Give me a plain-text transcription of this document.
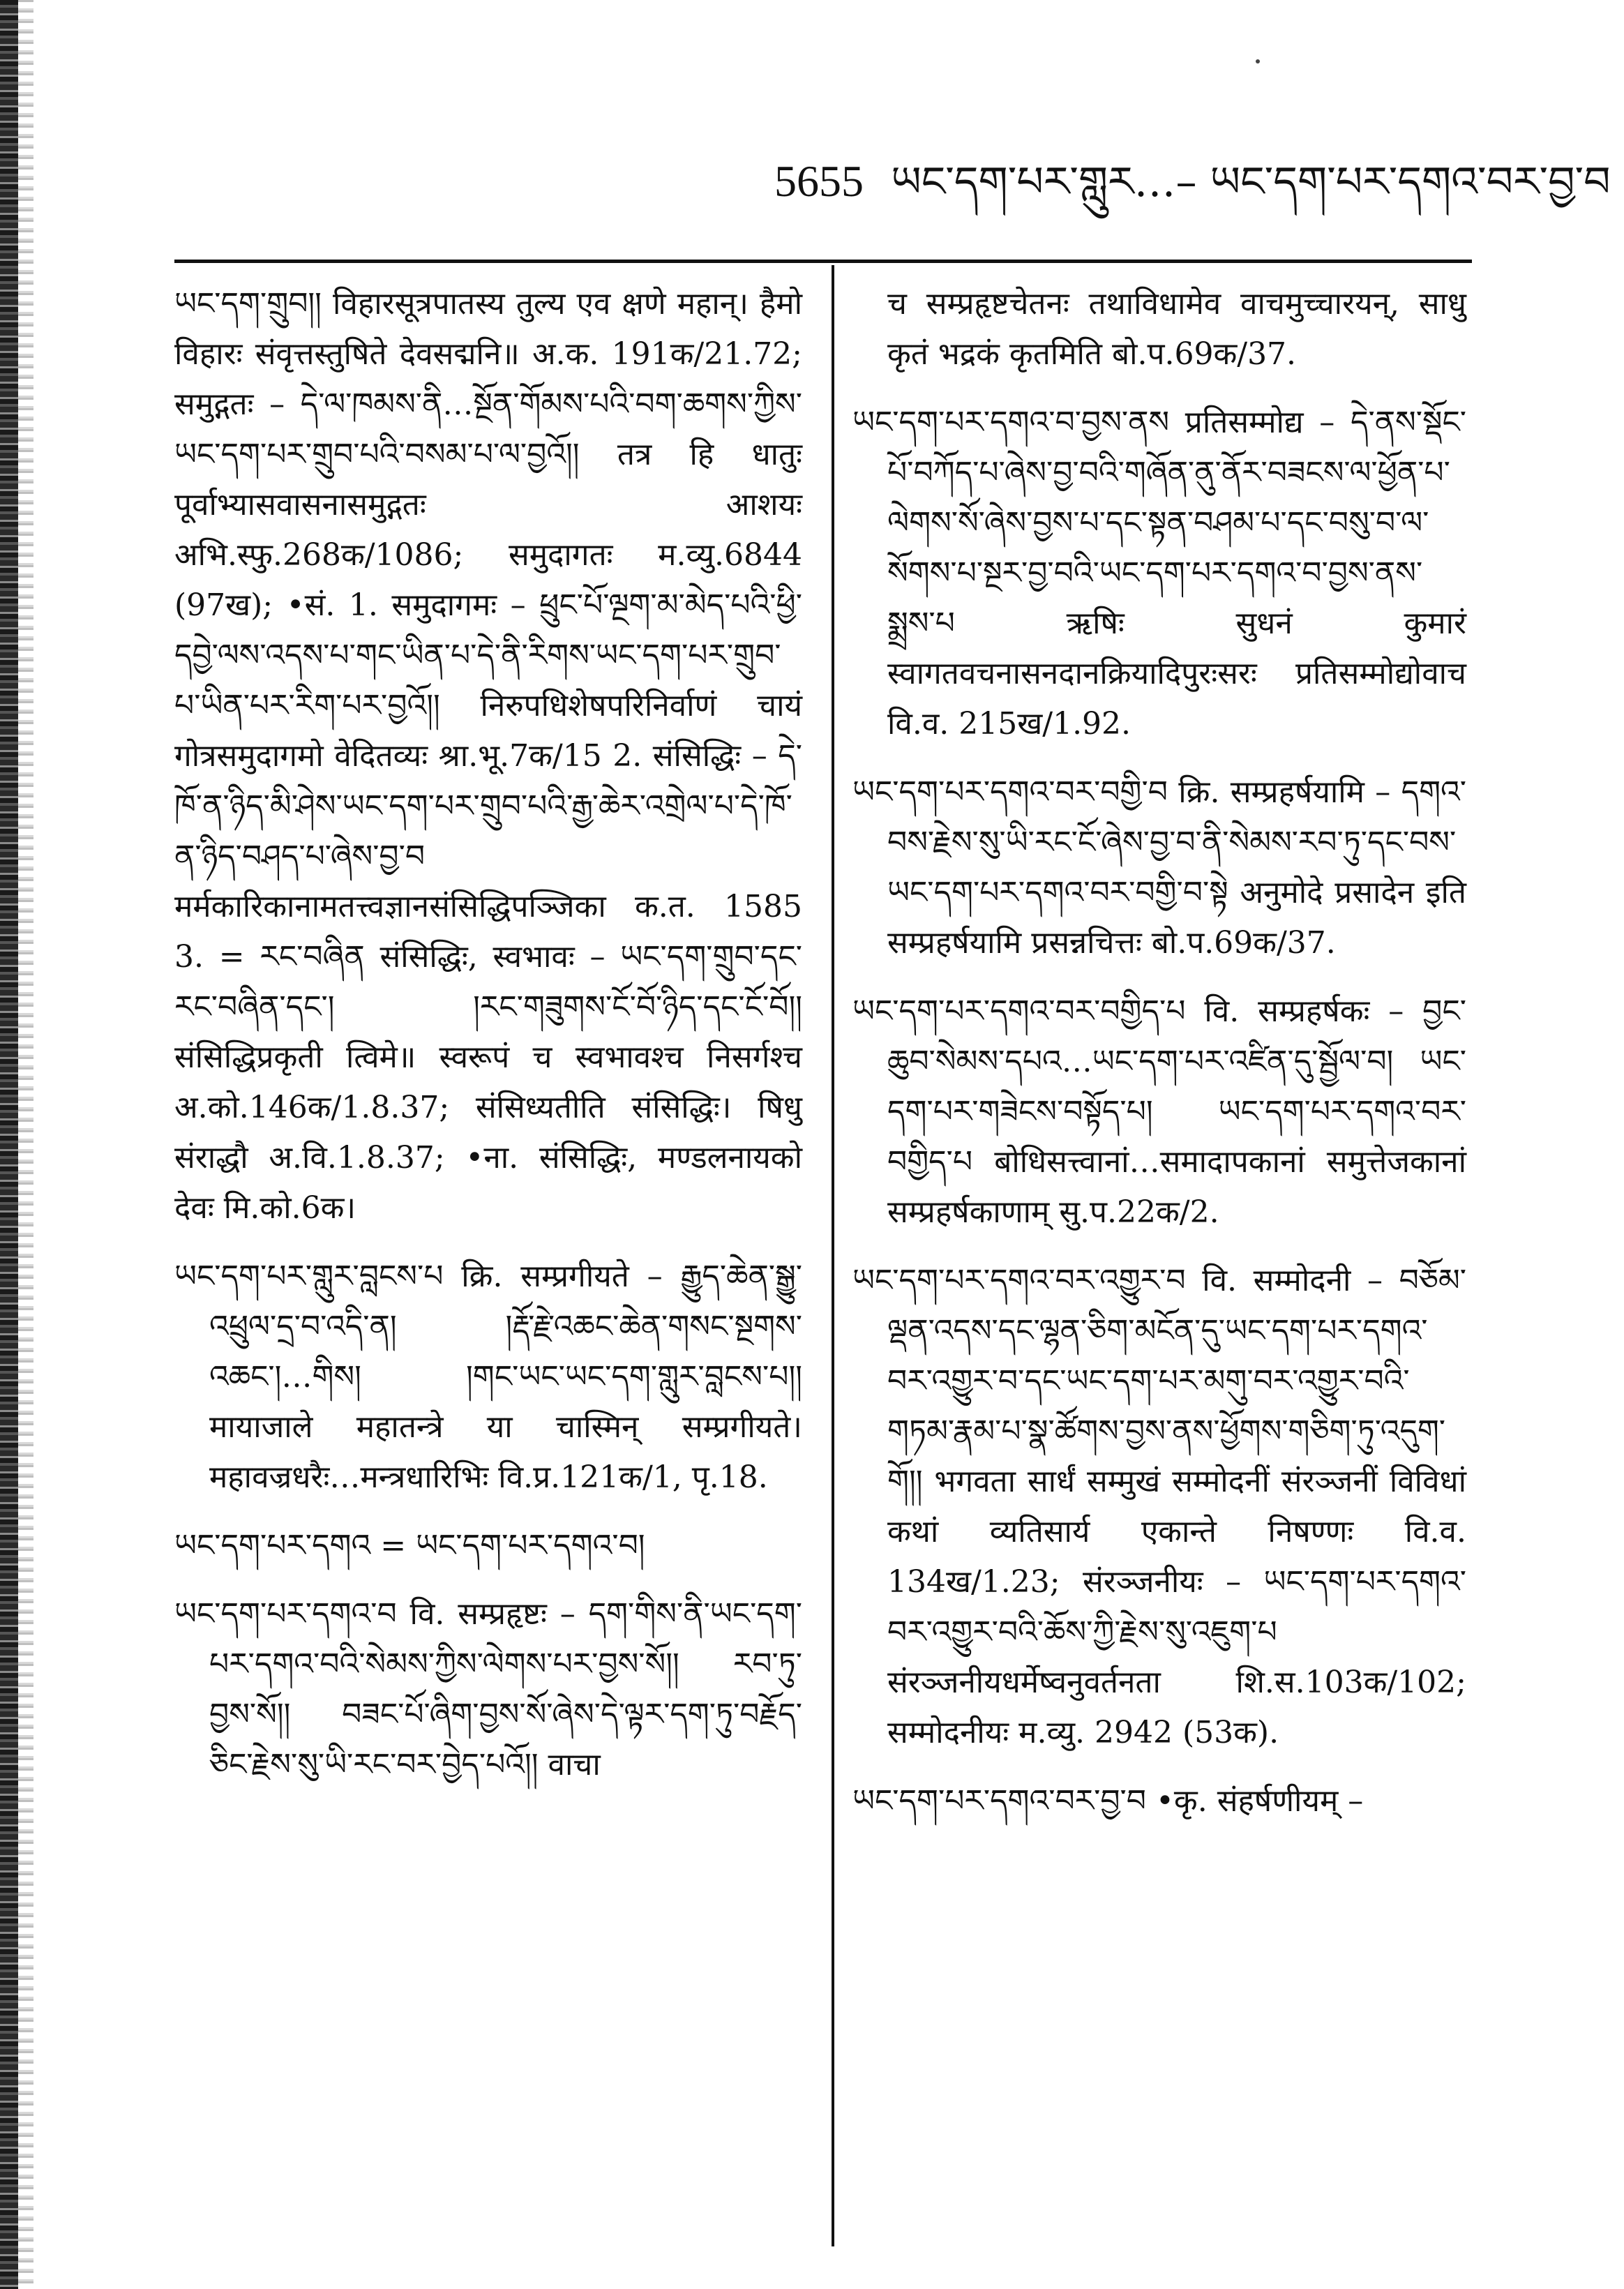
5655 ཡང་དག་པར་གླུར…– ཡང་དག་པར་དགའ་བར་བྱ་བ

ཡང་དག་གྲུབ།། विहारसूत्रपातस्य तुल्य एव क्षणे महान्। हैमो विहारः संवृत्तस्तुषिते देवसद्मनि॥ अ.क. 191क/21.72; समुद्गतः – དེ་ལ་ཁམས་ནི…སྔོན་གོམས་པའི་བག་ཆགས་ཀྱིས་ཡང་དག་པར་གྲུབ་པའི་བསམ་པ་ལ་བྱའོ།། तत्र हि धातुः पूर्वाभ्यासवासनासमुद्गतः आशयः अभि.स्फु.268क/1086; समुदागतः म.व्यु.6844 (97ख); •सं. 1. समुदागमः – ཕྲུང་པོ་ལྔག་མ་མེད་པའི་ཕྱི་དབྱེ་ལས་འདས་པ་གང་ཡིན་པ་དེ་ནི་རིགས་ཡང་དག་པར་གྲུབ་པ་ཡིན་པར་རིག་པར་བྱའོ།། निरुपधिशेषपरिनिर्वाणं चायं गोत्रसमुदागमो वेदितव्यः श्रा.भू.7क/15 2. संसिद्धिः – དེ་ཁོ་ན་ཉིད་མི་ཤེས་ཡང་དག་པར་གྲུབ་པའི་རྒྱ་ཆེར་འགྲེལ་པ་དེ་ཁོ་ན་ཉིད་བཤད་པ་ཞེས་བྱ་བ मर्मकारिकानामतत्त्वज्ञानसंसिद्धिपञ्जिका क.त. 1585 3. = རང་བཞིན संसिद्धिः, स्वभावः – ཡང་དག་གྲུབ་དང་རང་བཞིན་དང་། །རང་གཟུགས་ངོ་བོ་ཉིད་དང་ངོ་བོ།། संसिद्धिप्रकृती त्विमे॥ स्वरूपं च स्वभावश्च निसर्गश्च अ.को.146क/1.8.37; संसिध्यतीति संसिद्धिः। षिधु संराद्धौ अ.वि.1.8.37; •ना. संसिद्धिः, मण्डलनायको देवः मि.को.6क।

ཡང་དག་པར་གླུར་བླངས་པ क्रि. सम्प्रगीयते – རྒྱུད་ཆེན་སྒྱུ་འཕྲུལ་དྲ་བ་འདི་ན། །རྡོ་རྗེ་འཆང་ཆེན་གསང་སྔགས་འཆང་།…གིས། །གང་ཡང་ཡང་དག་གླུར་བླངས་པ།། मायाजाले महातन्त्रे या चास्मिन् सम्प्रगीयते। महावज्रधरैः…मन्त्रधारिभिः वि.प्र.121क/1, पृ.18.

ཡང་དག་པར་དགའ = ཡང་དག་པར་དགའ་བ།

ཡང་དག་པར་དགའ་བ वि. सम्प्रहृष्टः – དག་གིས་ནི་ཡང་དག་པར་དགའ་བའི་སེམས་ཀྱིས་ལེགས་པར་བྱས་སོ།། རབ་ཏུ་བྱས་སོ།། བཟང་པོ་ཞིག་བྱས་སོ་ཞེས་དེ་ལྟར་དག་ཏུ་བརྗོད་ཅིང་རྗེས་སུ་ཡི་རང་བར་བྱེད་པའོ།། वाचा

च सम्प्रहृष्टचेतनः तथाविधामेव वाचमुच्चारयन्, साधु कृतं भद्रकं कृतमिति बो.प.69क/37.

ཡང་དག་པར་དགའ་བ་བྱས་ནས प्रतिसम्मोद्य – དེ་ནས་སྡོང་པོ་བཀོད་པ་ཞེས་བྱ་བའི་གཞོན་ནུ་ནོར་བཟངས་ལ་ཕྱོན་པ་ལེགས་སོ་ཞེས་བྱས་པ་དང་སྟན་བཤམ་པ་དང་བསུ་བ་ལ་སོགས་པ་སྔར་བྱ་བའི་ཡང་དག་པར་དགའ་བ་བྱས་ནས་སྨྲས་པ ऋषिः सुधनं कुमारं स्वागतवचनासनदानक्रियादिपुरःसरः प्रतिसम्मोद्योवाच वि.व. 215ख/1.92.

ཡང་དག་པར་དགའ་བར་བགྱི་བ क्रि. सम्प्रहर्षयामि – དགའ་བས་རྗེས་སུ་ཡི་རང་ངོ་ཞེས་བྱ་བ་ནི་སེམས་རབ་ཏུ་དང་བས་ཡང་དག་པར་དགའ་བར་བགྱི་བ་སྟེ अनुमोदे प्रसादेन इति सम्प्रहर्षयामि प्रसन्नचित्तः बो.प.69क/37.

ཡང་དག་པར་དགའ་བར་བགྱིད་པ वि. सम्प्रहर्षकः – བྱང་ཆུབ་སེམས་དཔའ…ཡང་དག་པར་འཛིན་དུ་སྦྱོལ་བ། ཡང་དག་པར་གཟེངས་བསྟོད་པ། ཡང་དག་པར་དགའ་བར་བགྱིད་པ बोधिसत्त्वानां…समादापकानां समुत्तेजकानां सम्प्रहर्षकाणाम् सु.प.22क/2.

ཡང་དག་པར་དགའ་བར་འགྱུར་བ वि. सम्मोदनी – བཅོམ་ལྡན་འདས་དང་ལྷན་ཅིག་མངོན་དུ་ཡང་དག་པར་དགའ་བར་འགྱུར་བ་དང་ཡང་དག་པར་མགུ་བར་འགྱུར་བའི་གཏམ་རྣམ་པ་སྣ་ཚོགས་བྱས་ནས་ཕྱོགས་གཅིག་ཏུ་འདུག་གོ།། भगवता सार्धं सम्मुखं सम्मोदनीं संरञ्जनीं विविधां कथां व्यतिसार्य एकान्ते निषण्णः वि.व. 134ख/1.23; संरञ्जनीयः – ཡང་དག་པར་དགའ་བར་འགྱུར་བའི་ཆོས་ཀྱི་རྗེས་སུ་འཇུག་པ संरञ्जनीयधर्मेष्वनुवर्तनता शि.स.103क/102; सम्मोदनीयः म.व्यु. 2942 (53क).

ཡང་དག་པར་དགའ་བར་བྱ་བ •कृ. संहर्षणीयम् –
